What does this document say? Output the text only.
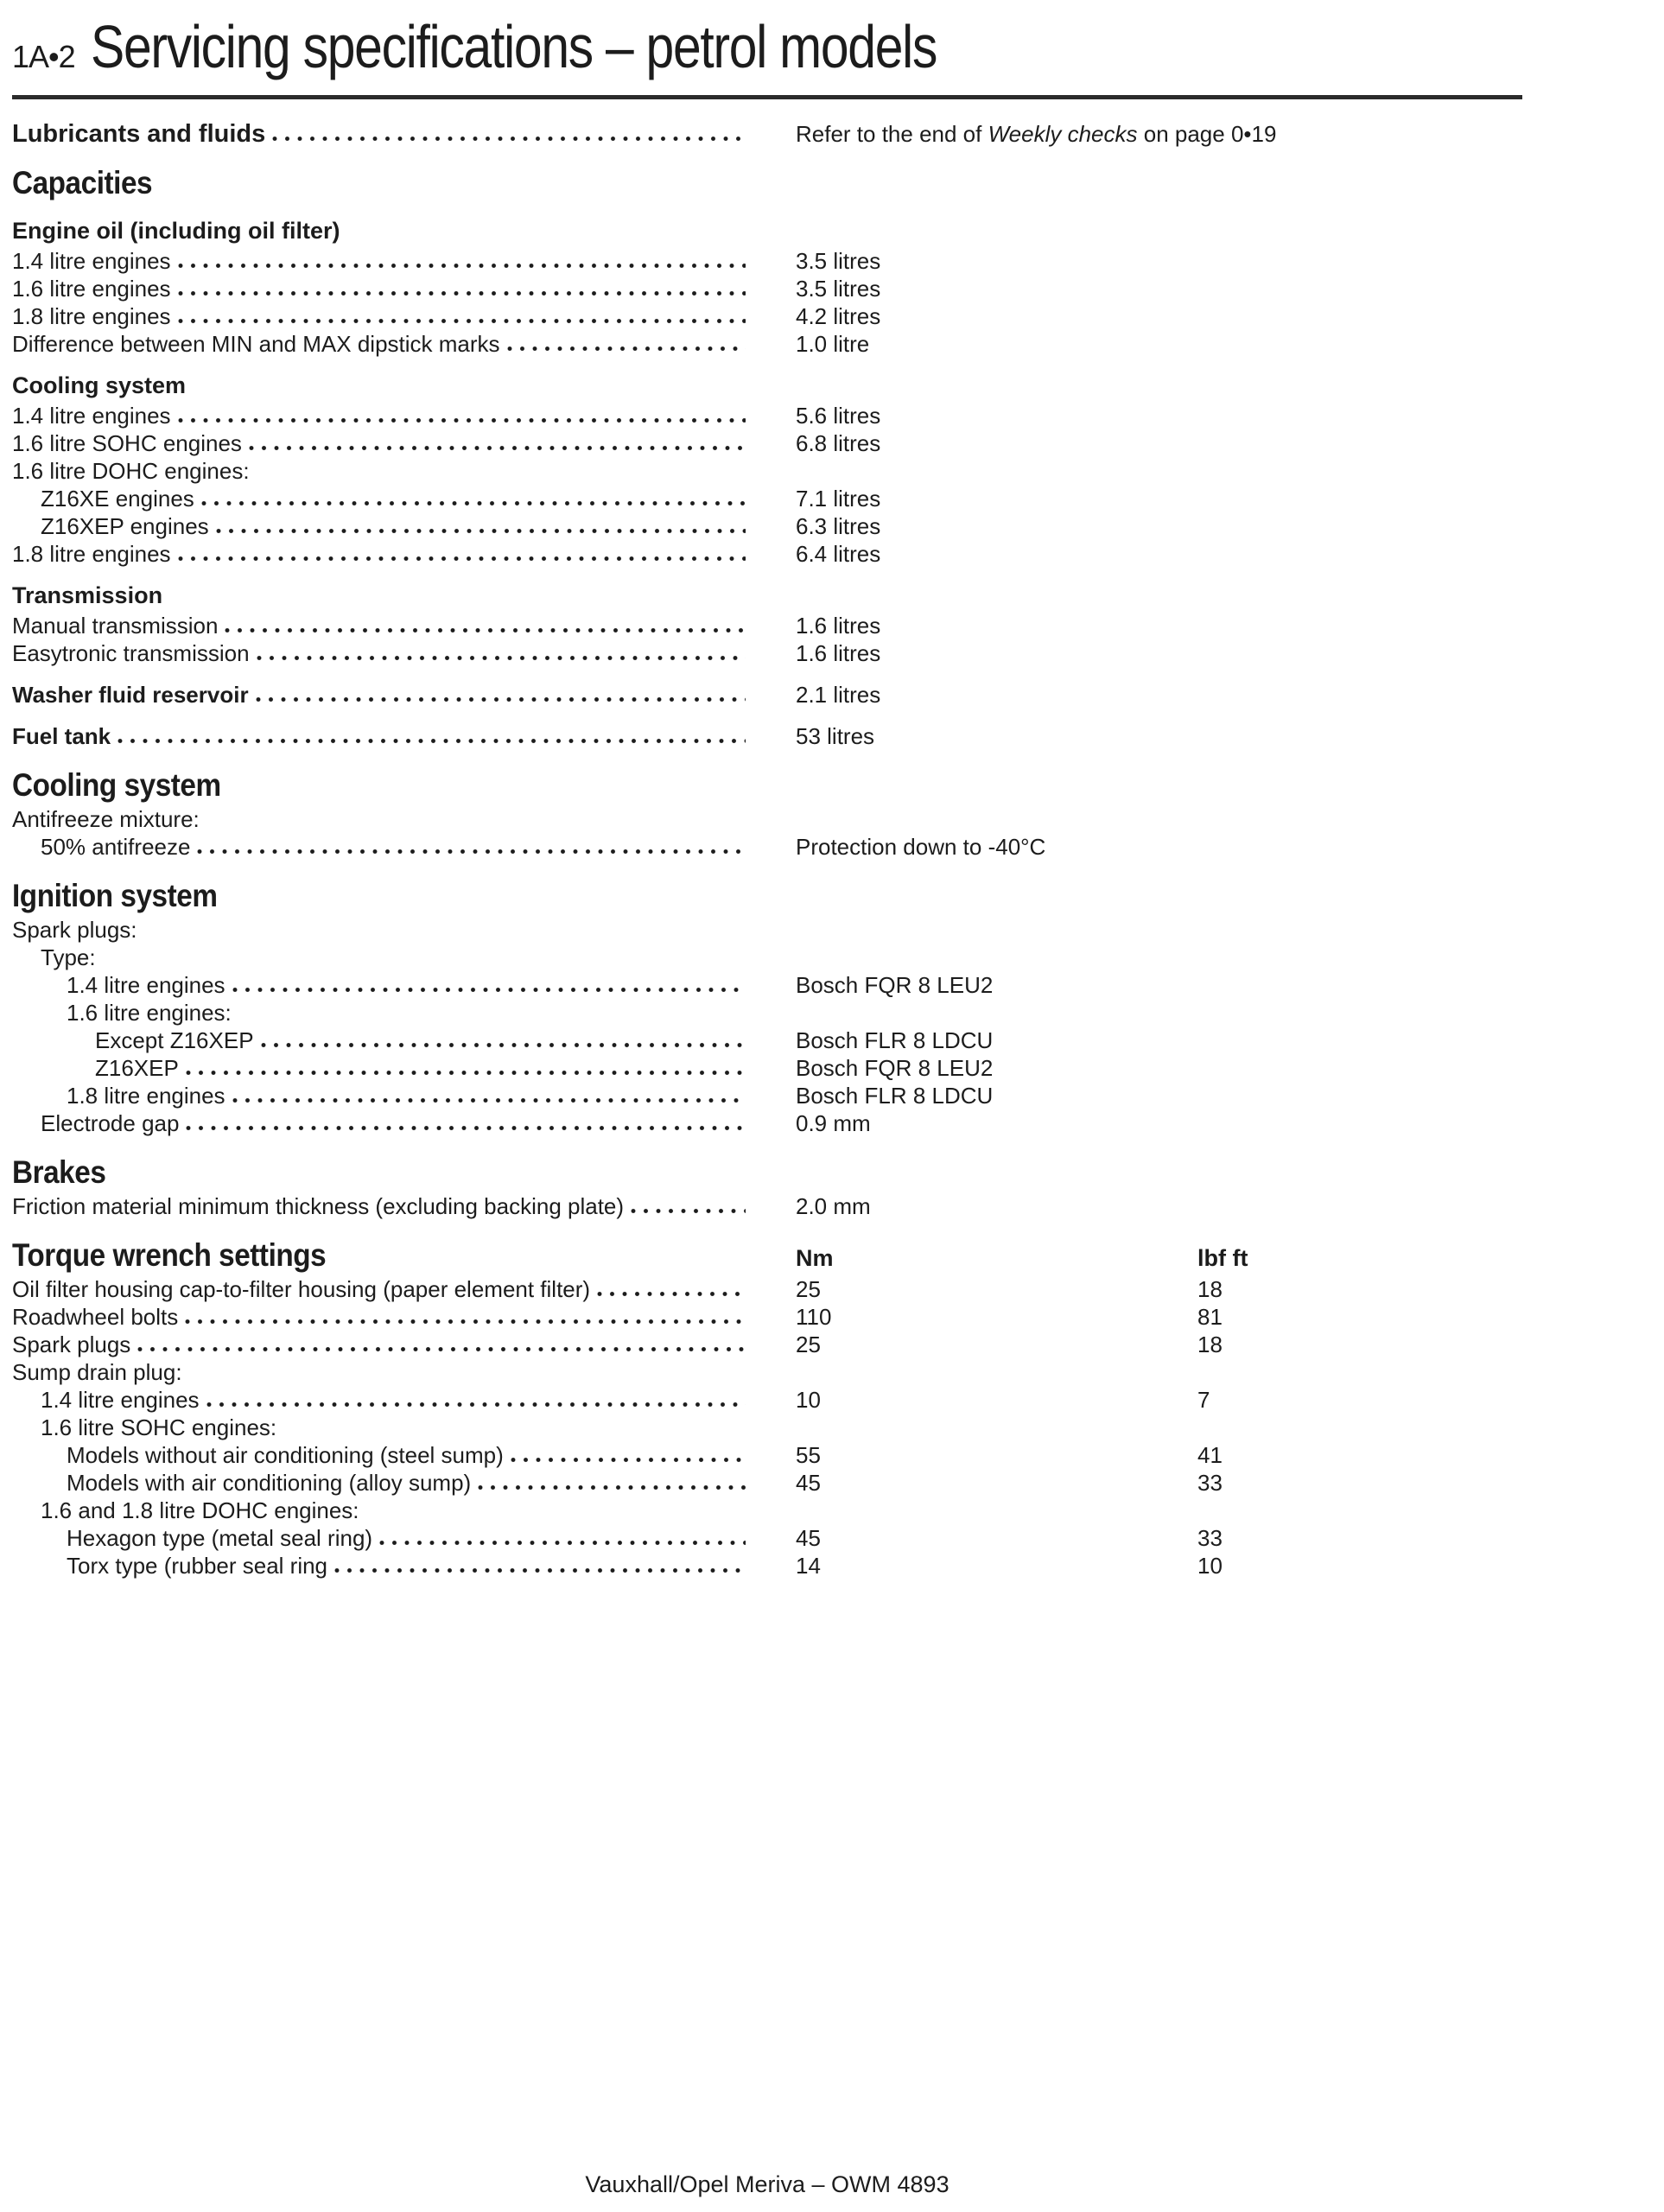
1A•2 Servicing specifications – petrol models
Lubricants and fluids	Refer to the end of Weekly checks on page 0•19
Capacities
Engine oil (including oil filter)
1.4 litre engines	3.5 litres
1.6 litre engines	3.5 litres
1.8 litre engines	4.2 litres
Difference between MIN and MAX dipstick marks	1.0 litre
Cooling system
1.4 litre engines	5.6 litres
1.6 litre SOHC engines	6.8 litres
1.6 litre DOHC engines:
Z16XE engines	7.1 litres
Z16XEP engines	6.3 litres
1.8 litre engines	6.4 litres
Transmission
Manual transmission	1.6 litres
Easytronic transmission	1.6 litres
Washer fluid reservoir	2.1 litres
Fuel tank	53 litres
Cooling system
Antifreeze mixture:
50% antifreeze	Protection down to -40°C
Ignition system
Spark plugs:
Type:
1.4 litre engines	Bosch FQR 8 LEU2
1.6 litre engines:
Except Z16XEP	Bosch FLR 8 LDCU
Z16XEP	Bosch FQR 8 LEU2
1.8 litre engines	Bosch FLR 8 LDCU
Electrode gap	0.9 mm
Brakes
Friction material minimum thickness (excluding backing plate)	2.0 mm
Torque wrench settings	Nm	lbf ft
Oil filter housing cap-to-filter housing (paper element filter)	25	18
Roadwheel bolts	110	81
Spark plugs	25	18
Sump drain plug:
1.4 litre engines	10	7
1.6 litre SOHC engines:
Models without air conditioning (steel sump)	55	41
Models with air conditioning (alloy sump)	45	33
1.6 and 1.8 litre DOHC engines:
Hexagon type (metal seal ring)	45	33
Torx type (rubber seal ring	14	10
Vauxhall/Opel Meriva – OWM 4893
